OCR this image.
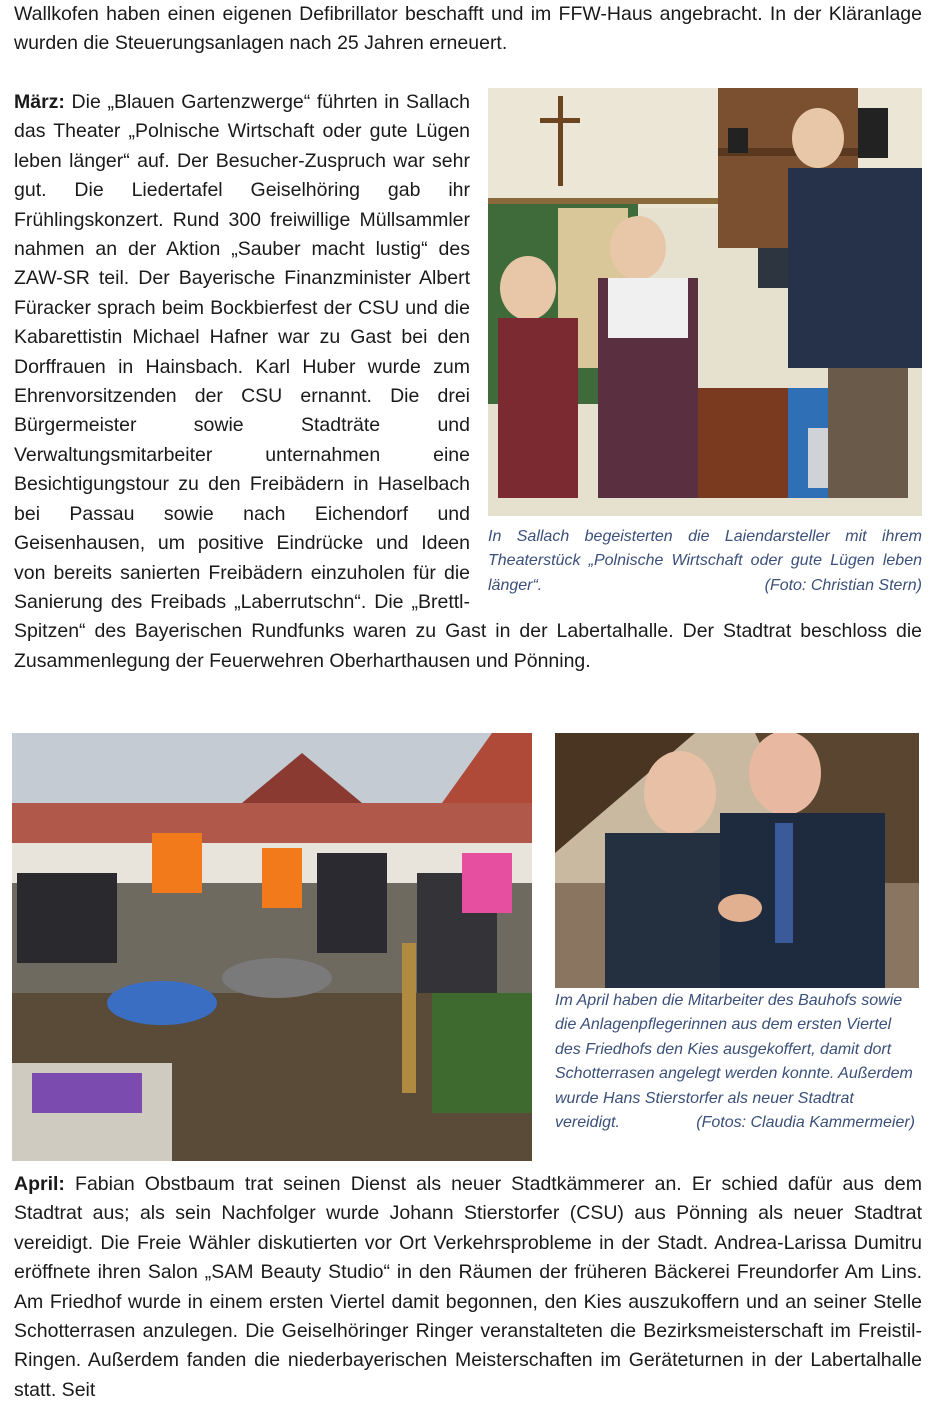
Wallkofen haben einen eigenen Defibrillator beschafft und im FFW-Haus angebracht. In der Kläranlage wurden die Steuerungsanlagen nach 25 Jahren erneuert.

In Sallach begeisterten die Laiendarsteller mit ihrem Theaterstück „Polnische Wirtschaft oder gute Lügen leben länger“.	(Foto: Christian Stern)

März: Die „Blauen Gartenzwerge“ führten in Sallach das Theater „Polnische Wirtschaft oder gute Lügen leben länger“ auf. Der Besucher-Zuspruch war sehr gut. Die Liedertafel Geiselhöring gab ihr Frühlingskonzert. Rund 300 freiwillige Müllsammler nahmen an der Aktion „Sauber macht lustig“ des ZAW-SR teil. Der Bayerische Finanzminister Albert Füracker sprach beim Bockbierfest der CSU und die Kabarettistin Michael Hafner war zu Gast bei den Dorffrauen in Hainsbach. Karl Huber wurde zum Ehrenvorsitzenden der CSU ernannt. Die drei Bürgermeister sowie Stadträte und Verwaltungsmitarbeiter unternahmen eine Besichtigungstour zu den Freibädern in Haselbach bei Passau sowie nach Eichendorf und Geisenhausen, um positive Eindrücke und Ideen von bereits sanierten Freibädern einzuholen für die Sanierung des Freibads „Laberrutschn“. Die „Brettl-Spitzen“ des Bayerischen Rundfunks waren zu Gast in der Labertalhalle. Der Stadtrat beschloss die Zusammenlegung der Feuerwehren Oberharthausen und Pönning.

Im April haben die Mitarbeiter des Bauhofs sowie die Anlagenpflegerinnen aus dem ersten Viertel des Friedhofs den Kies ausgekoffert, damit dort Schotterrasen angelegt werden konnte. Außerdem wurde Hans Stierstorfer als neuer Stadtrat vereidigt.	(Fotos: Claudia Kammermeier)

April: Fabian Obstbaum trat seinen Dienst als neuer Stadtkämmerer an. Er schied dafür aus dem Stadtrat aus; als sein Nachfolger wurde Johann Stierstorfer (CSU) aus Pönning als neuer Stadtrat vereidigt. Die Freie Wähler diskutierten vor Ort Verkehrsprobleme in der Stadt. Andrea-Larissa Dumitru eröffnete ihren Salon „SAM Beauty Studio“ in den Räumen der früheren Bäckerei Freundorfer Am Lins. Am Friedhof wurde in einem ersten Viertel damit begonnen, den Kies auszukoffern und an seiner Stelle Schotterrasen anzulegen. Die Geiselhöringer Ringer veranstalteten die Bezirksmeisterschaft im Freistil-Ringen. Außerdem fanden die niederbayerischen Meisterschaften im Geräteturnen in der Labertalhalle statt. Seit
